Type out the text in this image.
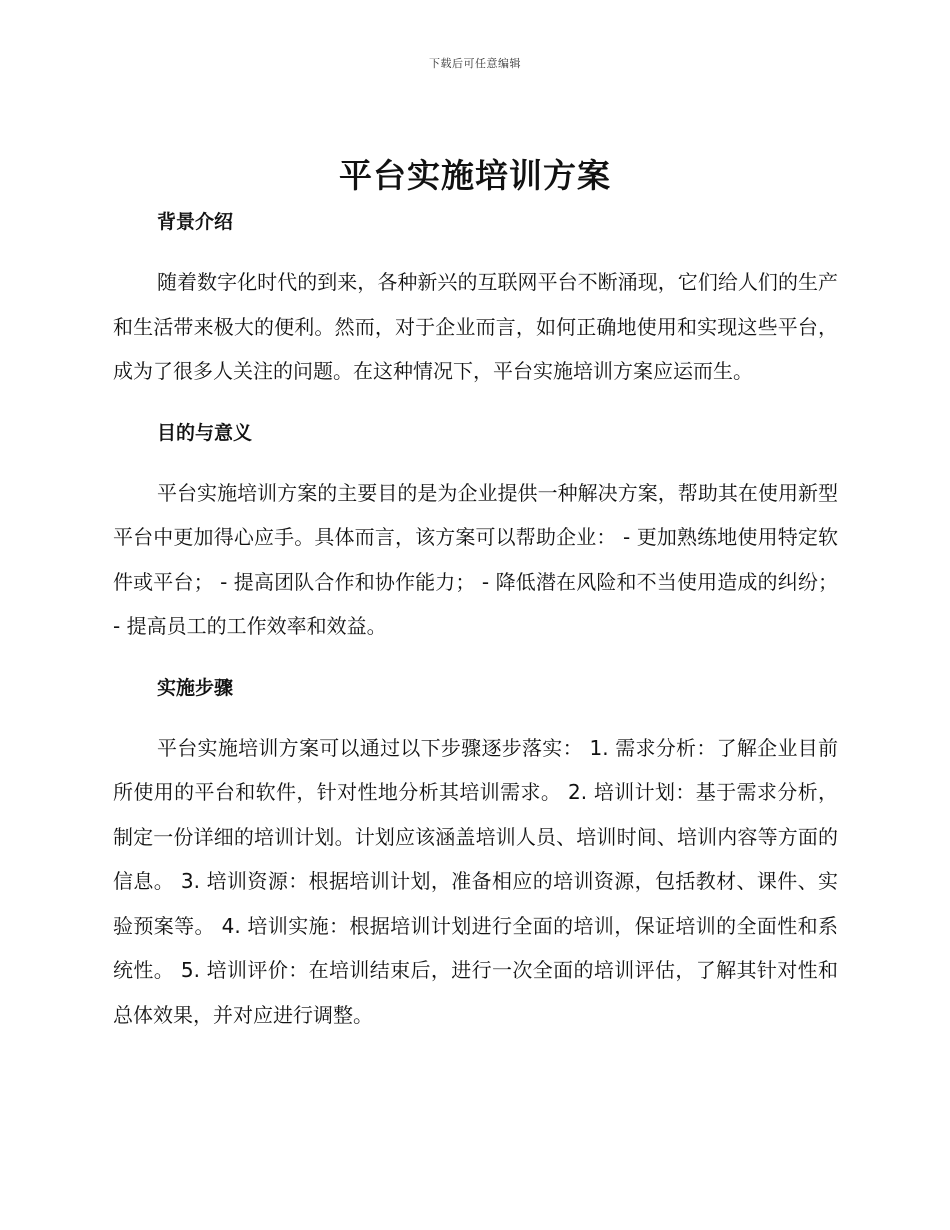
下载后可任意编辑
平台实施培训方案
背景介绍

随着数字化时代的到来，各种新兴的互联网平台不断涌现，它们给人们的生产和生活带来极大的便利。然而，对于企业而言，如何正确地使用和实现这些平台，成为了很多人关注的问题。在这种情况下，平台实施培训方案应运而生。

目的与意义

平台实施培训方案的主要目的是为企业提供一种解决方案，帮助其在使用新型平台中更加得心应手。具体而言，该方案可以帮助企业： - 更加熟练地使用特定软件或平台； - 提高团队合作和协作能力； - 降低潜在风险和不当使用造成的纠纷； - 提高员工的工作效率和效益。

实施步骤

平台实施培训方案可以通过以下步骤逐步落实： 1. 需求分析：了解企业目前所使用的平台和软件，针对性地分析其培训需求。 2. 培训计划：基于需求分析，制定一份详细的培训计划。计划应该涵盖培训人员、培训时间、培训内容等方面的信息。 3. 培训资源：根据培训计划，准备相应的培训资源，包括教材、课件、实验预案等。 4. 培训实施：根据培训计划进行全面的培训，保证培训的全面性和系统性。 5. 培训评价：在培训结束后，进行一次全面的培训评估，了解其针对性和总体效果，并对应进行调整。
